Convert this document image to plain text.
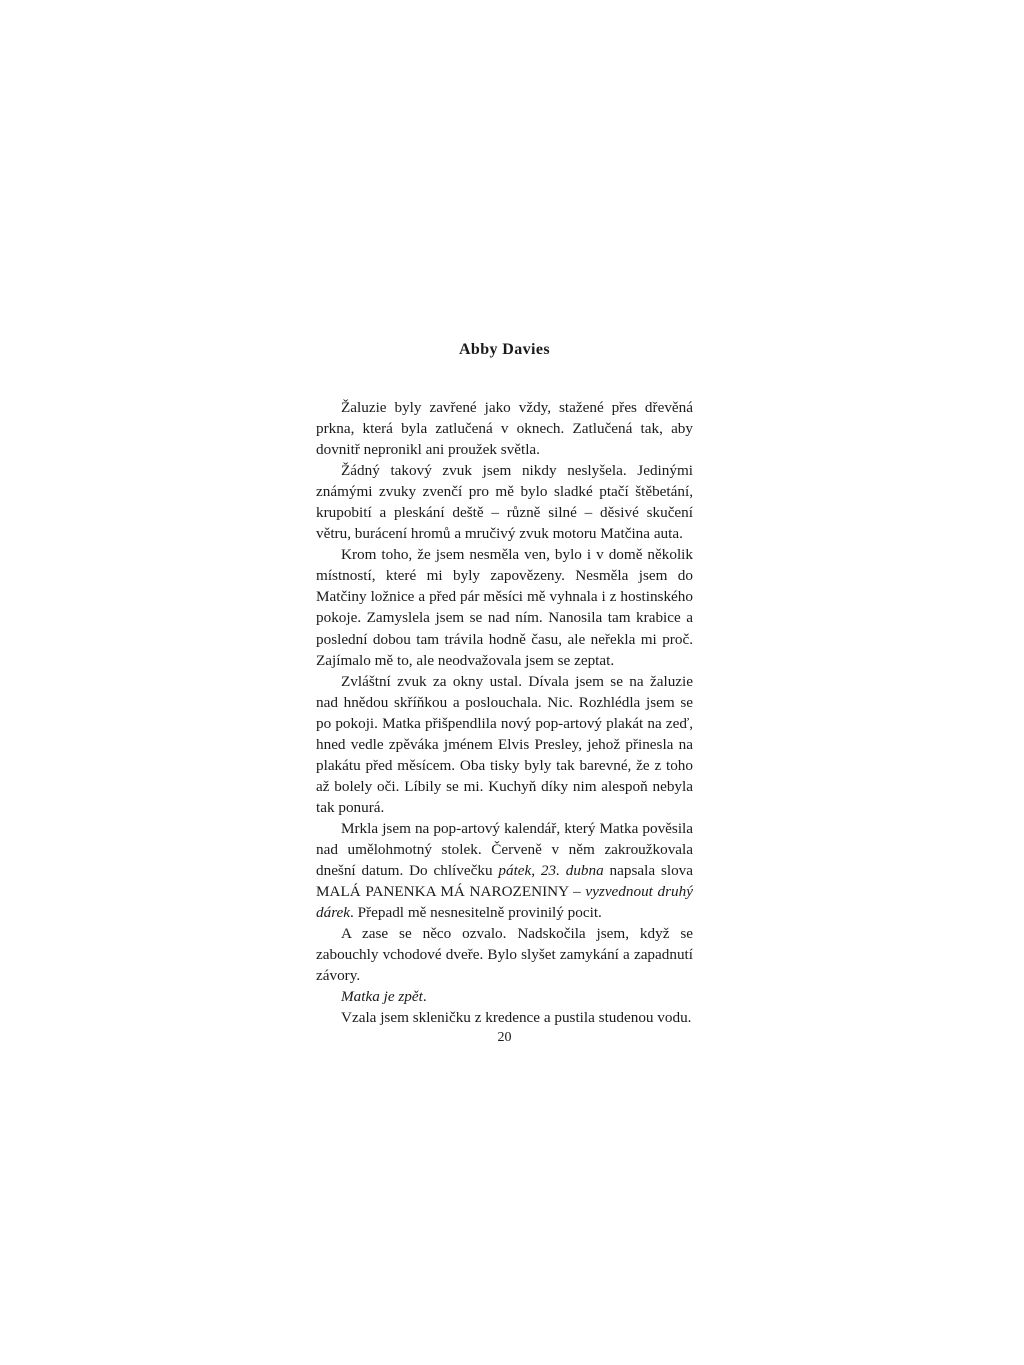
Abby Davies

Žaluzie byly zavřené jako vždy, stažené přes dřevěná prkna, která byla zatlučená v oknech. Zatlučená tak, aby dovnitř nepronikl ani proužek světla.

Žádný takový zvuk jsem nikdy neslyšela. Jedinými známými zvuky zvenčí pro mě bylo sladké ptačí štěbetání, krupobití a pleskání deště – různě silné – děsivé skučení větru, burácení hromů a mručivý zvuk motoru Matčina auta.

Krom toho, že jsem nesměla ven, bylo i v domě několik místností, které mi byly zapovězeny. Nesměla jsem do Matčiny ložnice a před pár měsíci mě vyhnala i z hostinského pokoje. Zamyslela jsem se nad ním. Nanosila tam krabice a poslední dobou tam trávila hodně času, ale neřekla mi proč. Zajímalo mě to, ale neodvažovala jsem se zeptat.

Zvláštní zvuk za okny ustal. Dívala jsem se na žaluzie nad hnědou skříňkou a poslouchala. Nic. Rozhlédla jsem se po pokoji. Matka přišpendlila nový pop-artový plakát na zeď, hned vedle zpěváka jménem Elvis Presley, jehož přinesla na plakátu před měsícem. Oba tisky byly tak barevné, že z toho až bolely oči. Líbily se mi. Kuchyň díky nim alespoň nebyla tak ponurá.

Mrkla jsem na pop-artový kalendář, který Matka pověsila nad umělohmotný stolek. Červeně v něm zakroužkovala dnešní datum. Do chlívečku pátek, 23. dubna napsala slova MALÁ PANENKA MÁ NAROZENINY – vyzvednout druhý dárek. Přepadl mě nesnesitelně provinilý pocit.

A zase se něco ozvalo. Nadskočila jsem, když se zabouchly vchodové dveře. Bylo slyšet zamykání a zapadnutí závory.

Matka je zpět.

Vzala jsem skleničku z kredence a pustila studenou vodu.

20
